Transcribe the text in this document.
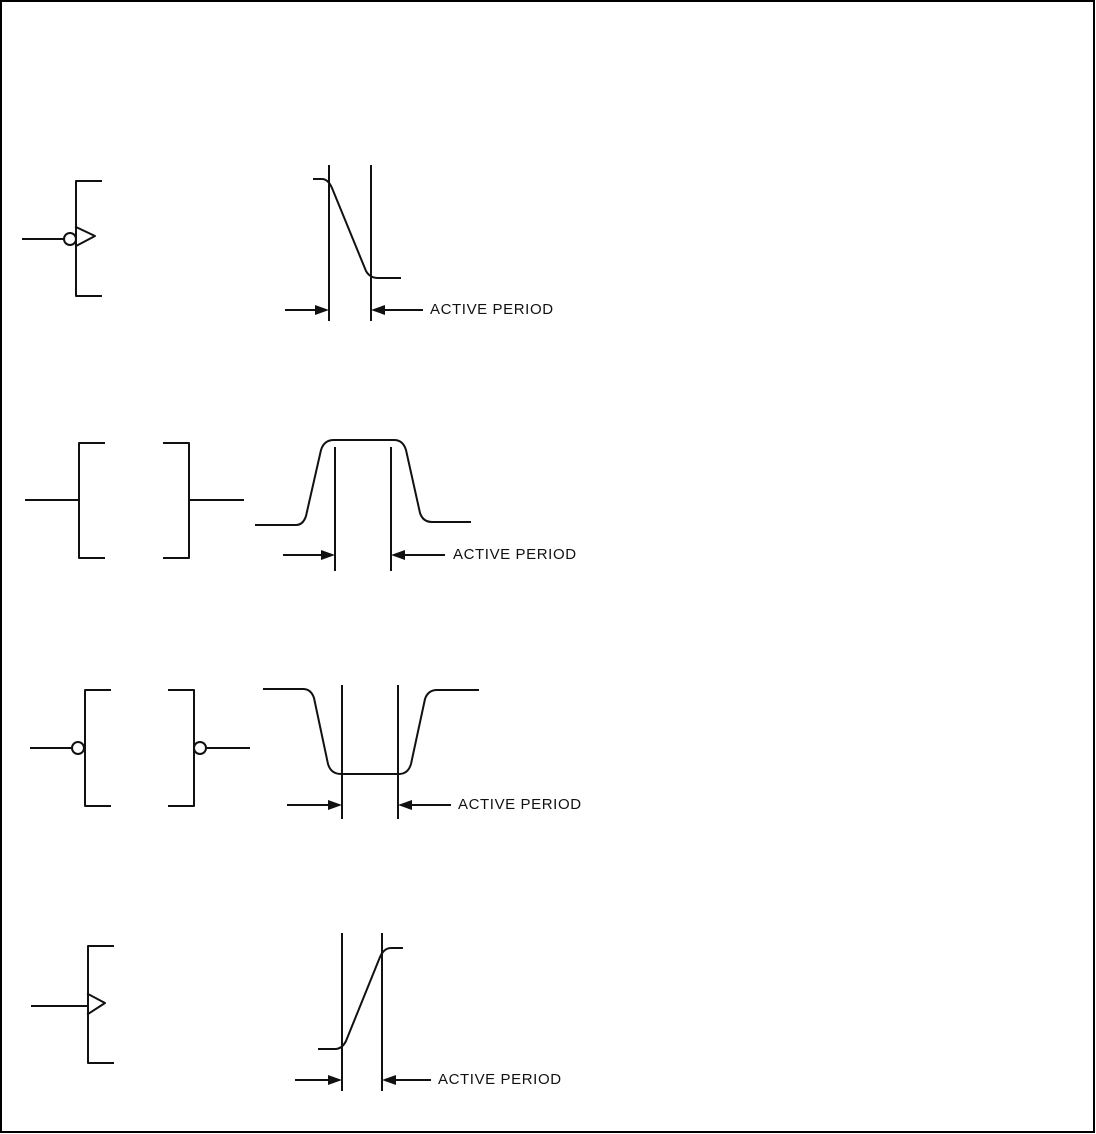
ACTIVE PERIOD
ACTIVE PERIOD
ACTIVE PERIOD
ACTIVE PERIOD
